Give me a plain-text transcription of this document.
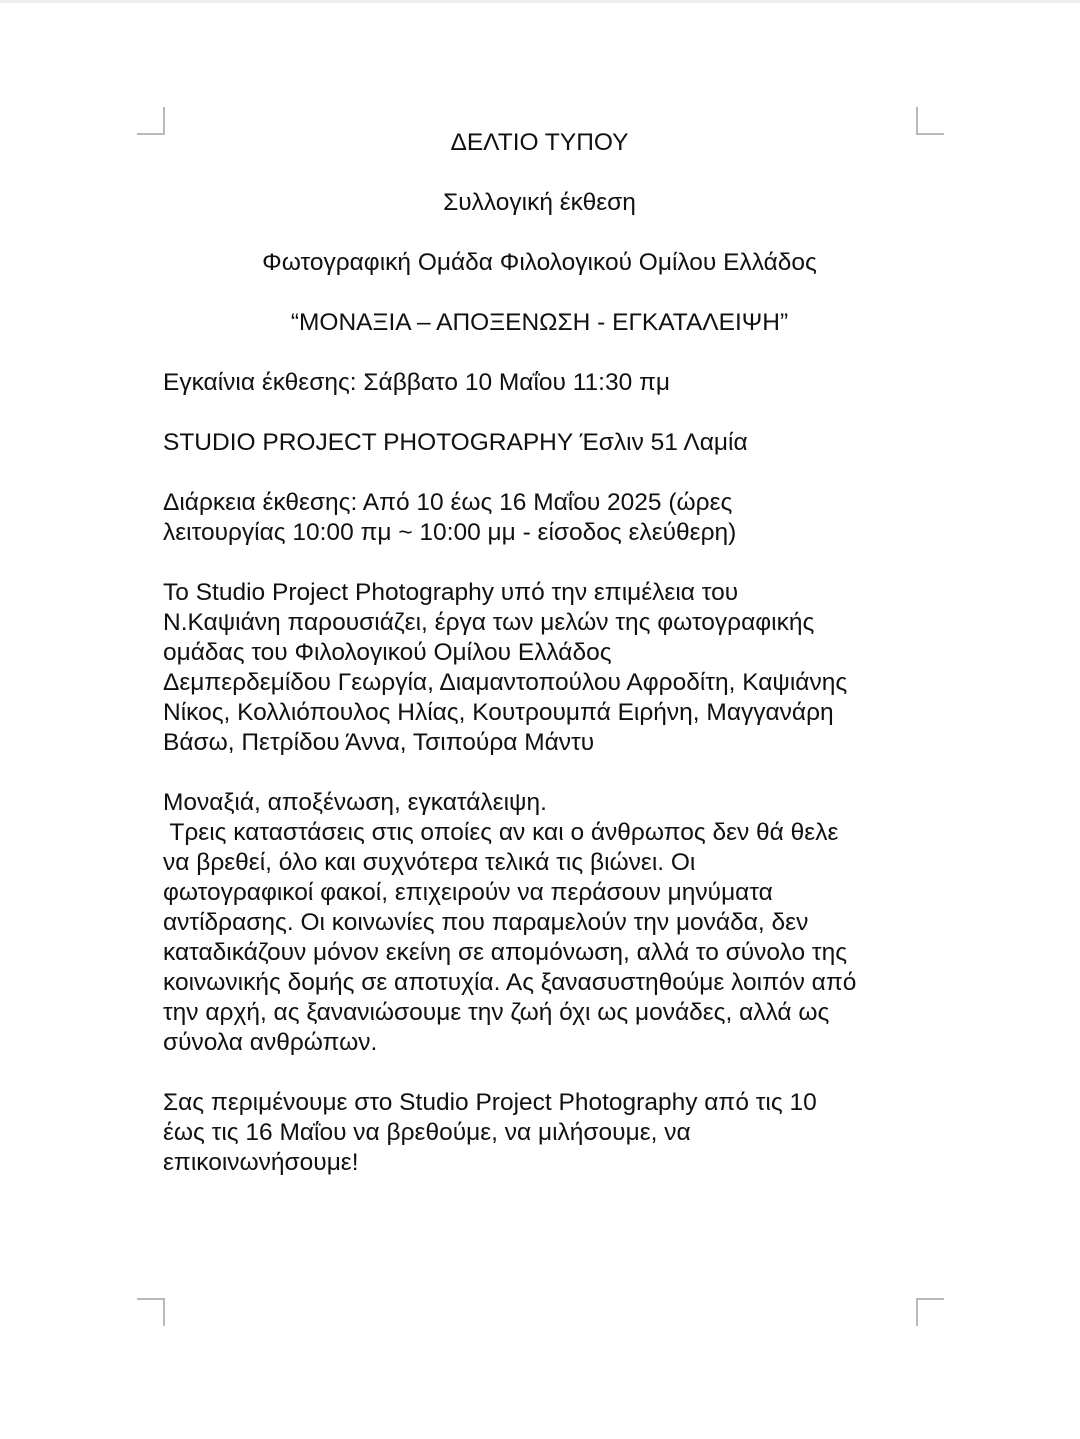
ΔΕΛΤΙΟ ΤΥΠΟΥ
Συλλογική έκθεση
Φωτογραφική Ομάδα Φιλολογικού Ομίλου Ελλάδος
“ΜΟΝΑΞΙΑ – ΑΠΟΞΕΝΩΣΗ - ΕΓΚΑΤΑΛΕΙΨΗ”
Εγκαίνια έκθεσης: Σάββατο 10 Μαΐου 11:30 πμ
STUDIO PROJECT PHOTOGRAPHY Έσλιν 51 Λαμία
Διάρκεια έκθεσης: Από 10 έως 16 Μαΐου 2025 (ώρες
λειτουργίας 10:00 πμ ~ 10:00 μμ - είσοδος ελεύθερη)
Το Studio Project Photography υπό την επιμέλεια του
Ν.Καψιάνη παρουσιάζει, έργα των μελών της φωτογραφικής
ομάδας του Φιλολογικού Ομίλου Ελλάδος
Δεμπερδεμίδου Γεωργία, Διαμαντοπούλου Αφροδίτη, Καψιάνης
Νίκος, Κολλιόπουλος Ηλίας, Κουτρουμπά Ειρήνη, Μαγγανάρη
Βάσω, Πετρίδου Άννα, Τσιπούρα Μάντυ
Μοναξιά, αποξένωση, εγκατάλειψη.
Τρεις καταστάσεις στις οποίες αν και ο άνθρωπος δεν θά θελε
να βρεθεί, όλο και συχνότερα τελικά τις βιώνει. Οι
φωτογραφικοί φακοί, επιχειρούν να περάσουν μηνύματα
αντίδρασης. Οι κοινωνίες που παραμελούν την μονάδα, δεν
καταδικάζουν μόνον εκείνη σε απομόνωση, αλλά το σύνολο της
κοινωνικής δομής σε αποτυχία. Ας ξανασυστηθούμε λοιπόν από
την αρχή, ας ξανανιώσουμε την ζωή όχι ως μονάδες, αλλά ως
σύνολα ανθρώπων.
Σας περιμένουμε στο Studio Project Photography από τις 10
έως τις 16 Μαΐου να βρεθούμε, να μιλήσουμε, να
επικοινωνήσουμε!
